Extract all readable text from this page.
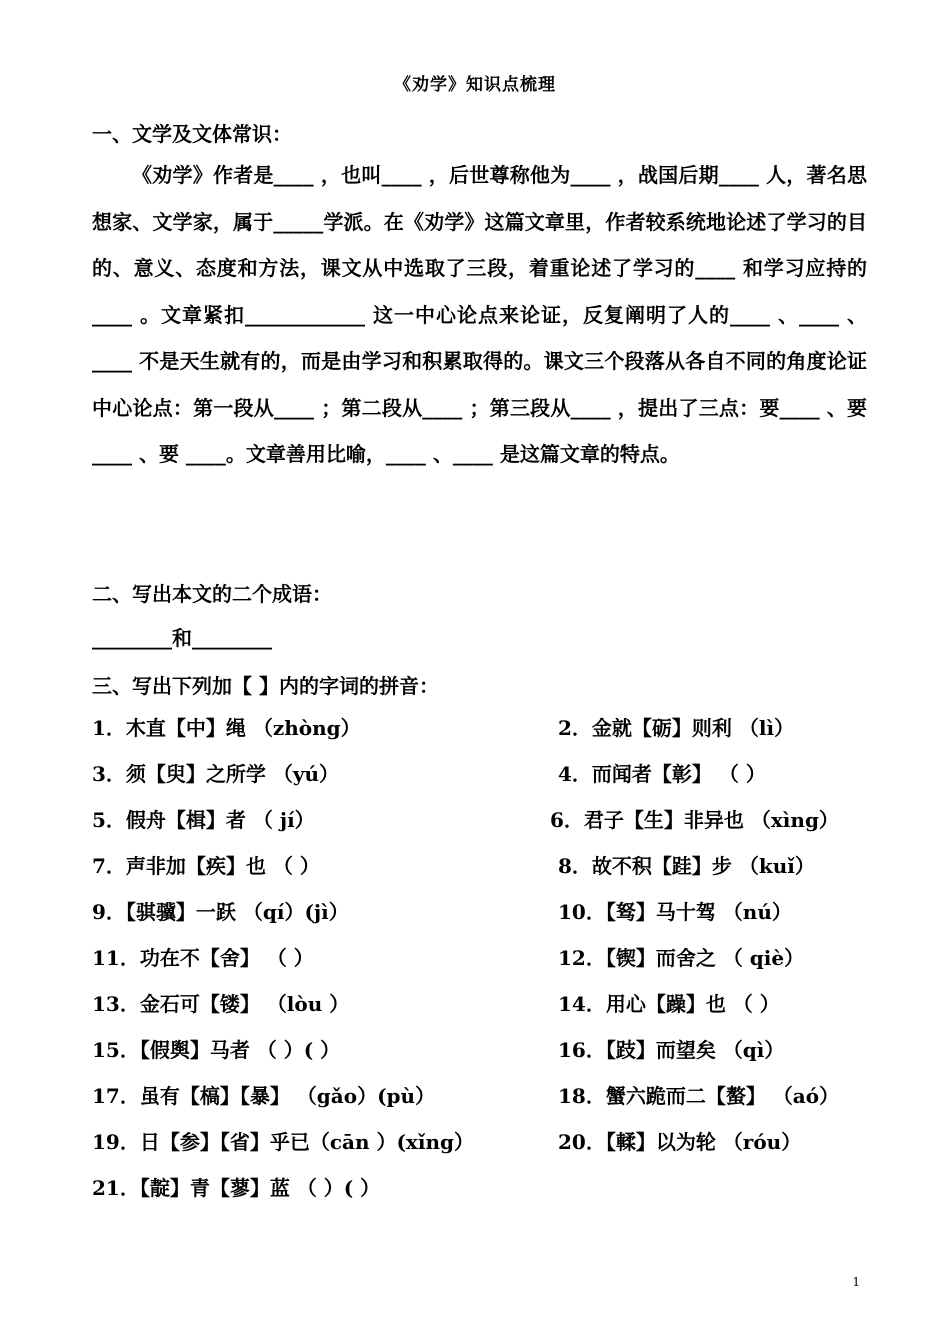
《劝学》知识点梳理
一、文学及文体常识：
《劝学》作者是____ ，也叫____ ，后世尊称他为____ ，战国后期____ 人，著名思想家、文学家，属于_____学派。在《劝学》这篇文章里，作者较系统地论述了学习的目的、意义、态度和方法，课文从中选取了三段，着重论述了学习的____ 和学习应持的____ 。文章紧扣____________ 这一中心论点来论证，反复阐明了人的____ 、____ 、____ 不是天生就有的，而是由学习和积累取得的。课文三个段落从各自不同的角度论证中心论点：第一段从____ ；第二段从____ ；第三段从____ ，提出了三点：要____ 、要____ 、要 ____。文章善用比喻，____ 、____ 是这篇文章的特点。
二、写出本文的二个成语：
________和________
三、写出下列加【 】内的字词的拼音：
1．木直【中】绳 （zhòng）	2．金就【砺】则利 （lì）
3．须【臾】之所学 （yú）	4．而闻者【彰】 （ ）
5．假舟【楫】者 （ jí）	6．君子【生】非异也 （xìng）
7．声非加【疾】也 （ ）	8．故不积【跬】步 （kuǐ）
9．【骐骥】一跃 （qí）(jì）	10．【驽】马十驾 （nú）
11．功在不【舍】 （ ）	12．【锲】而舍之 （ qiè）
13．金石可【镂】 （lòu ）	14．用心【躁】也 （ ）
15．【假舆】马者 （ ）( ）	16．【跂】而望矣 （qì）
17．虽有【槁】【暴】 （gǎo）(pù）	18．蟹六跪而二【螯】 （aó）
19．日【参】【省】乎已（cān ）(xǐng）	20．【輮】以为轮 （róu）
21．【靛】青【蓼】蓝 （ ）( ）
1
